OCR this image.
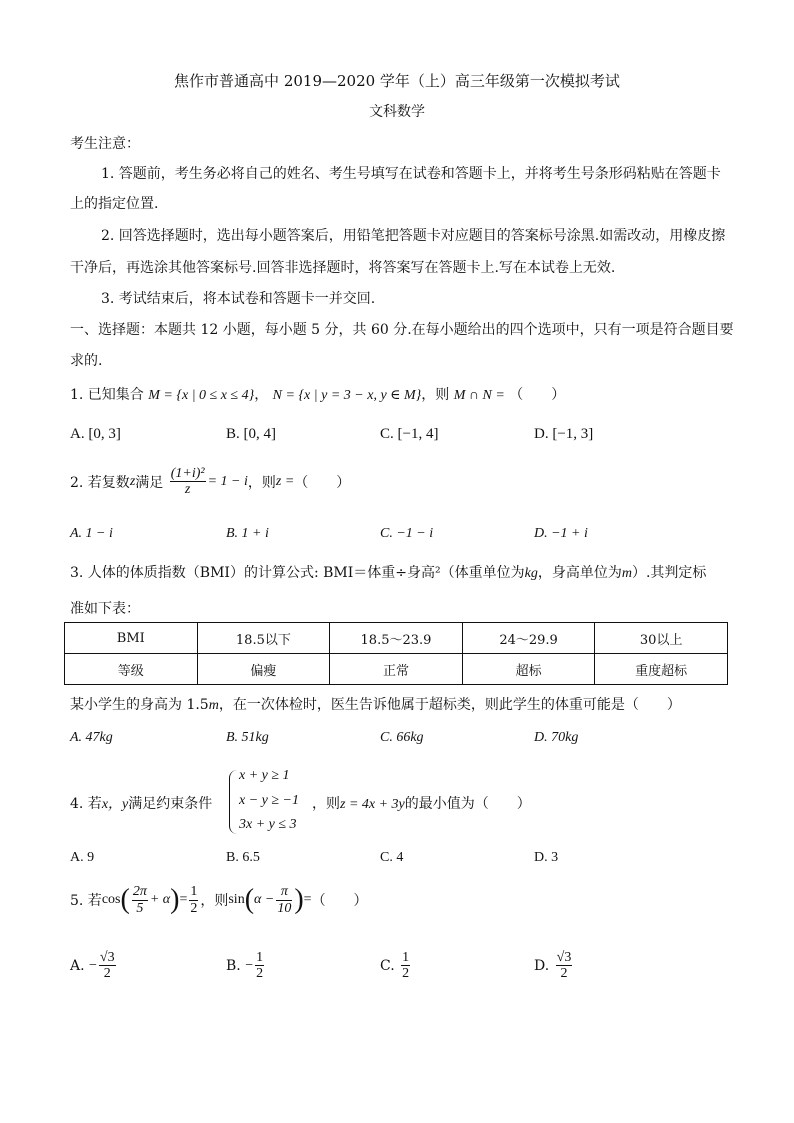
焦作市普通高中 2019—2020 学年（上）高三年级第一次模拟考试
文科数学
考生注意：
1. 答题前，考生务必将自己的姓名、考生号填写在试卷和答题卡上，并将考生号条形码粘贴在答题卡
上的指定位置.
2. 回答选择题时，选出每小题答案后，用铅笔把答题卡对应题目的答案标号涂黑.如需改动，用橡皮擦
干净后，再选涂其他答案标号.回答非选择题时，将答案写在答题卡上.写在本试卷上无效.
3. 考试结束后，将本试卷和答题卡一并交回.
一、选择题：本题共 12 小题，每小题 5 分，共 60 分.在每小题给出的四个选项中，只有一项是符合题目要
求的.
1. 已知集合 M = {x | 0 ≤ x ≤ 4}， N = {x | y = 3 − x, y ∈ M}，则 M ∩ N = （　　）
A. [0, 3]	B. [0, 4]	C. [−1, 4]	D. [−1, 3]
2. 若复数z满足 $\frac{\text{(1+i)²}}{z} = 1 - i$，则z =（　　）
A. 1 − i	B. 1 + i	C. −1 − i	D. −1 + i
3. 人体的体质指数（BMI）的计算公式: BMI＝体重÷身高²（体重单位为kg，身高单位为m）.其判定标
准如下表：
BMI	18.5以下	18.5～23.9	24～29.9	30以上
等级	偏瘦	正常	超标	重度超标
某小学生的身高为 1.5m，在一次体检时，医生告诉他属于超标类，则此学生的体重可能是（　　）
A. 47kg	B. 51kg	C. 66kg	D. 70kg
4. 若x，y满足约束条件
x + y ≥ 1
x − y ≥ −1
3x + y ≤ 3
，则z = 4x + 3y的最小值为（　　）
A. 9	B. 6.5	C. 4	D. 3
5. 若$\cos( \frac{2\pi}{5} + \alpha)= \frac{1}{2}$ ，则$\sin(\alpha - \frac{\pi}{10}$ )=（　　）
A. − $\frac{√3}{2}$	B. − $\frac{1}{2}$	C. $\frac{1}{2}$	D. $\frac{√3}{2}$
